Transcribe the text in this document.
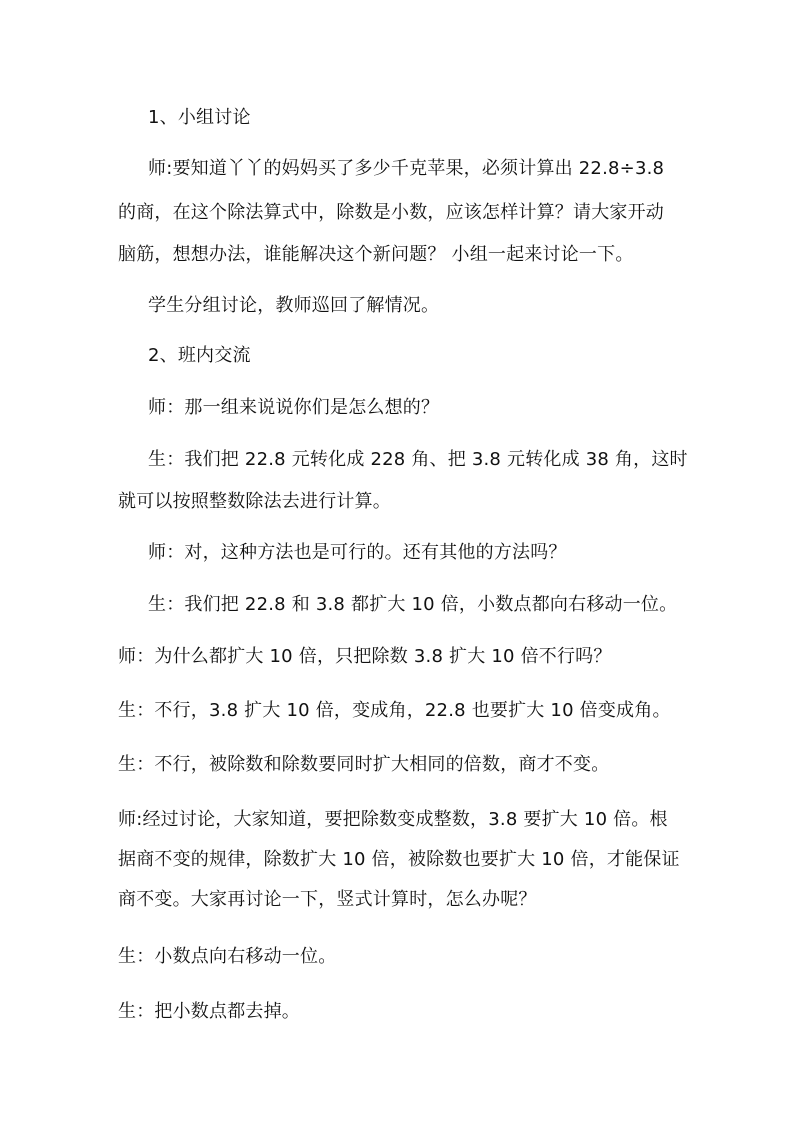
1、小组讨论
师:要知道丫丫的妈妈买了多少千克苹果，必须计算出 22.8÷3.8
的商，在这个除法算式中，除数是小数，应该怎样计算？请大家开动
脑筋，想想办法，谁能解决这个新问题？ 小组一起来讨论一下。
学生分组讨论，教师巡回了解情况。
2、班内交流
师：那一组来说说你们是怎么想的？
生：我们把 22.8 元转化成 228 角、把 3.8 元转化成 38 角，这时
就可以按照整数除法去进行计算。
师：对，这种方法也是可行的。还有其他的方法吗？
生：我们把 22.8 和 3.8 都扩大 10 倍，小数点都向右移动一位。
师：为什么都扩大 10 倍，只把除数 3.8 扩大 10 倍不行吗？
生：不行，3.8 扩大 10 倍，变成角，22.8 也要扩大 10 倍变成角。
生：不行，被除数和除数要同时扩大相同的倍数，商才不变。
师:经过讨论，大家知道，要把除数变成整数，3.8 要扩大 10 倍。根
据商不变的规律，除数扩大 10 倍，被除数也要扩大 10 倍，才能保证
商不变。大家再讨论一下，竖式计算时，怎么办呢？
生：小数点向右移动一位。
生：把小数点都去掉。
